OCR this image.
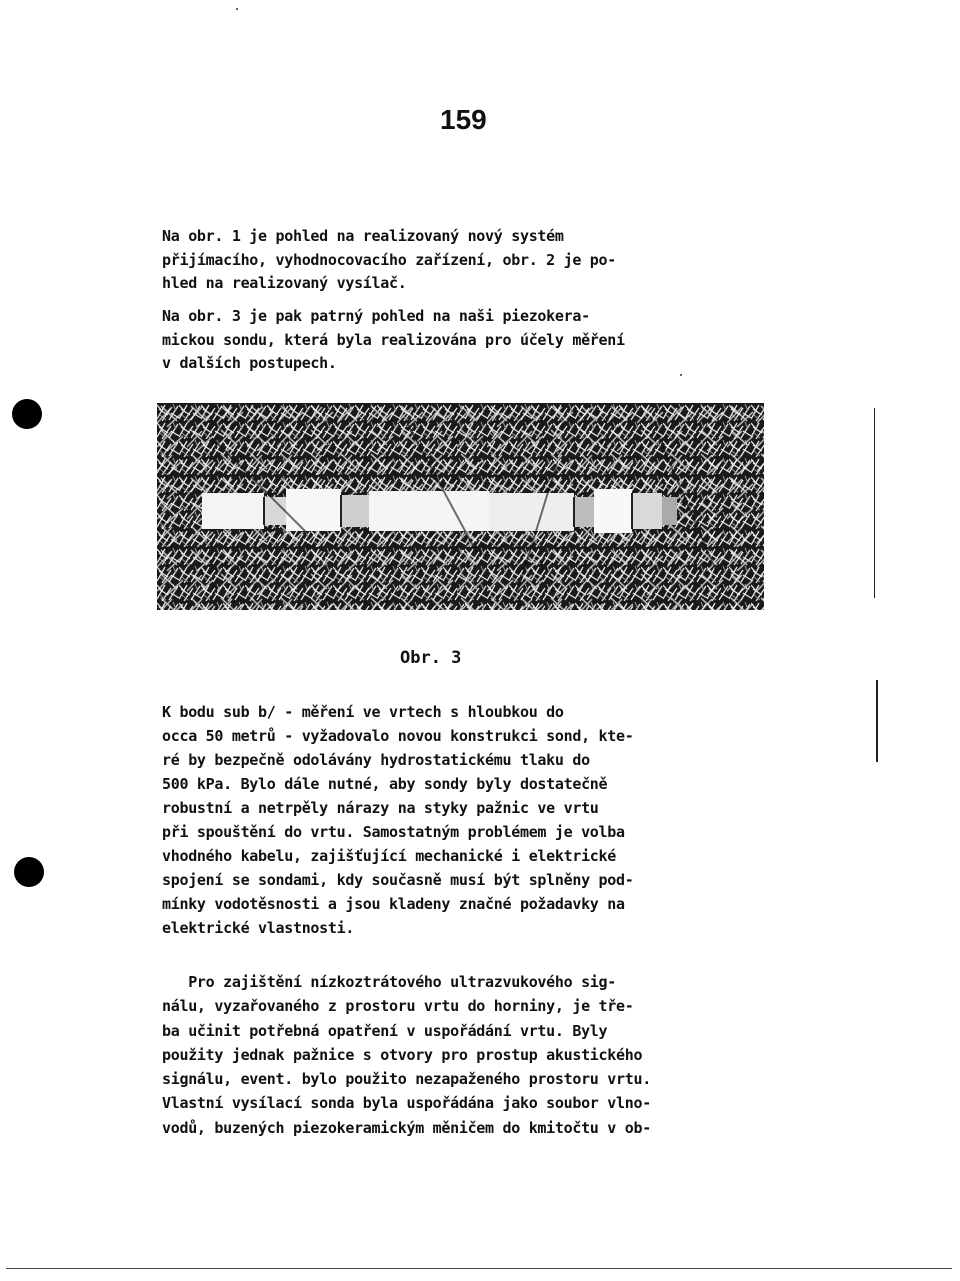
159

Na obr. 1 je pohled na realizovaný nový systém
přijímacího, vyhodnocovacího zařízení, obr. 2 je po-
hled na realizovaný vysílač.

Na obr. 3 je pak patrný pohled na naši piezokera-
mickou sondu, která byla realizována pro účely měření
v dalších postupech.

Obr. 3

K bodu sub b/ - měření ve vrtech s hloubkou do
occa 50 metrů - vyžadovalo novou konstrukci sond, kte-
ré by bezpečně odolávány hydrostatickému tlaku do
500 kPa. Bylo dále nutné, aby sondy byly dostatečně
robustní a netrpěly nárazy na styky pažnic ve vrtu
při spouštění do vrtu. Samostatným problémem je volba
vhodného kabelu, zajišťující mechanické i elektrické
spojení se sondami, kdy současně musí být splněny pod-
mínky vodotěsnosti a jsou kladeny značné požadavky na
elektrické vlastnosti.

Pro zajištění nízkoztrátového ultrazvukového sig-
nálu, vyzařovaného z prostoru vrtu do horniny, je tře-
ba učinit potřebná opatření v uspořádání vrtu. Byly
použity jednak pažnice s otvory pro prostup akustického
signálu, event. bylo použito nezapaženého prostoru vrtu.
Vlastní vysílací sonda byla uspořádána jako soubor vlno-
vodů, buzených piezokeramickým měničem do kmitočtu v ob-
